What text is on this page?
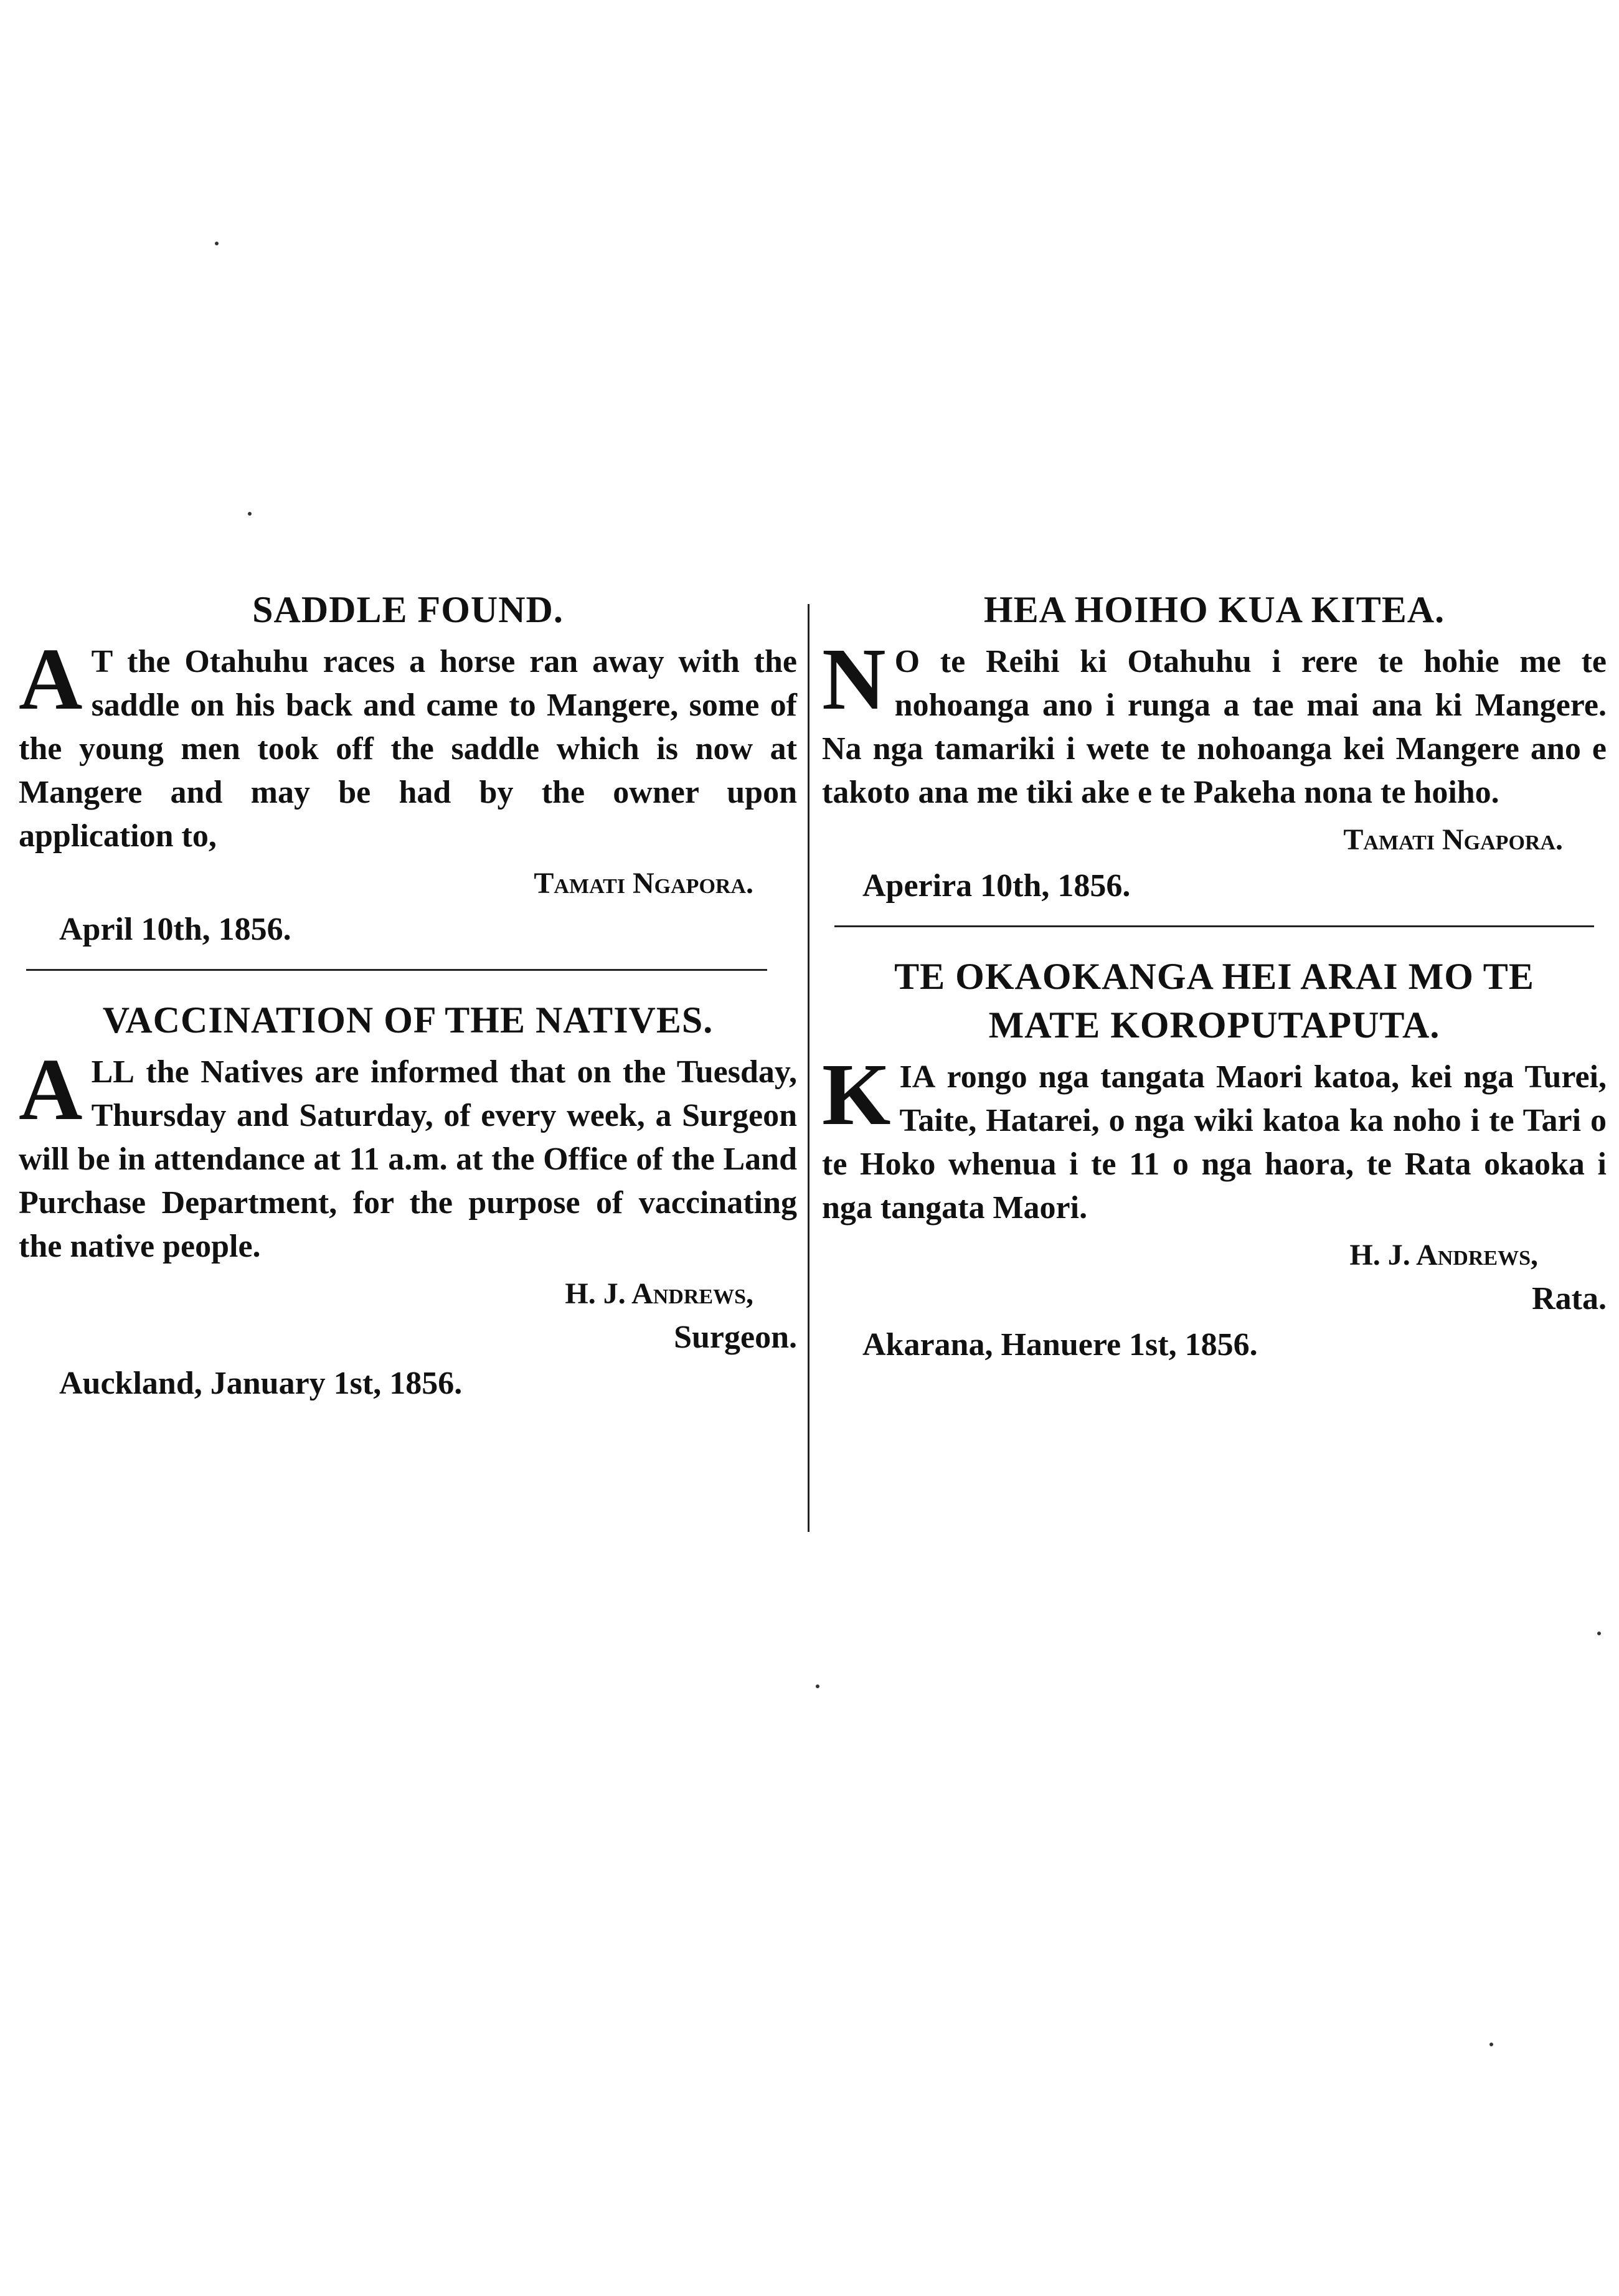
SADDLE FOUND.

A T the Otahuhu races a horse ran away with the saddle on his back and came to Mangere, some of the young men took off the saddle which is now at Mangere and may be had by the owner upon application to,

Tamati Ngapora.
April 10th, 1856.
VACCINATION OF THE NATIVES.

ALL the Natives are informed that on the Tuesday, Thursday and Saturday, of every week, a Surgeon will be in attendance at 11 a.m. at the Office of the Land Purchase Department, for the purpose of vaccinating the native people.

H. J. Andrews,
Surgeon.
Auckland, January 1st, 1856.
HEA HOIHO KUA KITEA.

N O te Reihi ki Otahuhu i rere te hohie me te nohoanga ano i runga a tae mai ana ki Mangere. Na nga tamariki i wete te nohoanga kei Mangere ano e takoto ana me tiki ake e te Pakeha nona te hoiho.

Tamati Ngapora.
Aperira 10th, 1856.
TE OKAOKANGA HEI ARAI MO TE
MATE KOROPUTAPUTA.

KIA rongo nga tangata Maori katoa, kei nga Turei, Taite, Hatarei, o nga wiki katoa ka noho i te Tari o te Hoko whenua i te 11 o nga haora, te Rata okaoka i nga tangata Maori.

H. J. Andrews,
Rata.
Akarana, Hanuere 1st, 1856.
